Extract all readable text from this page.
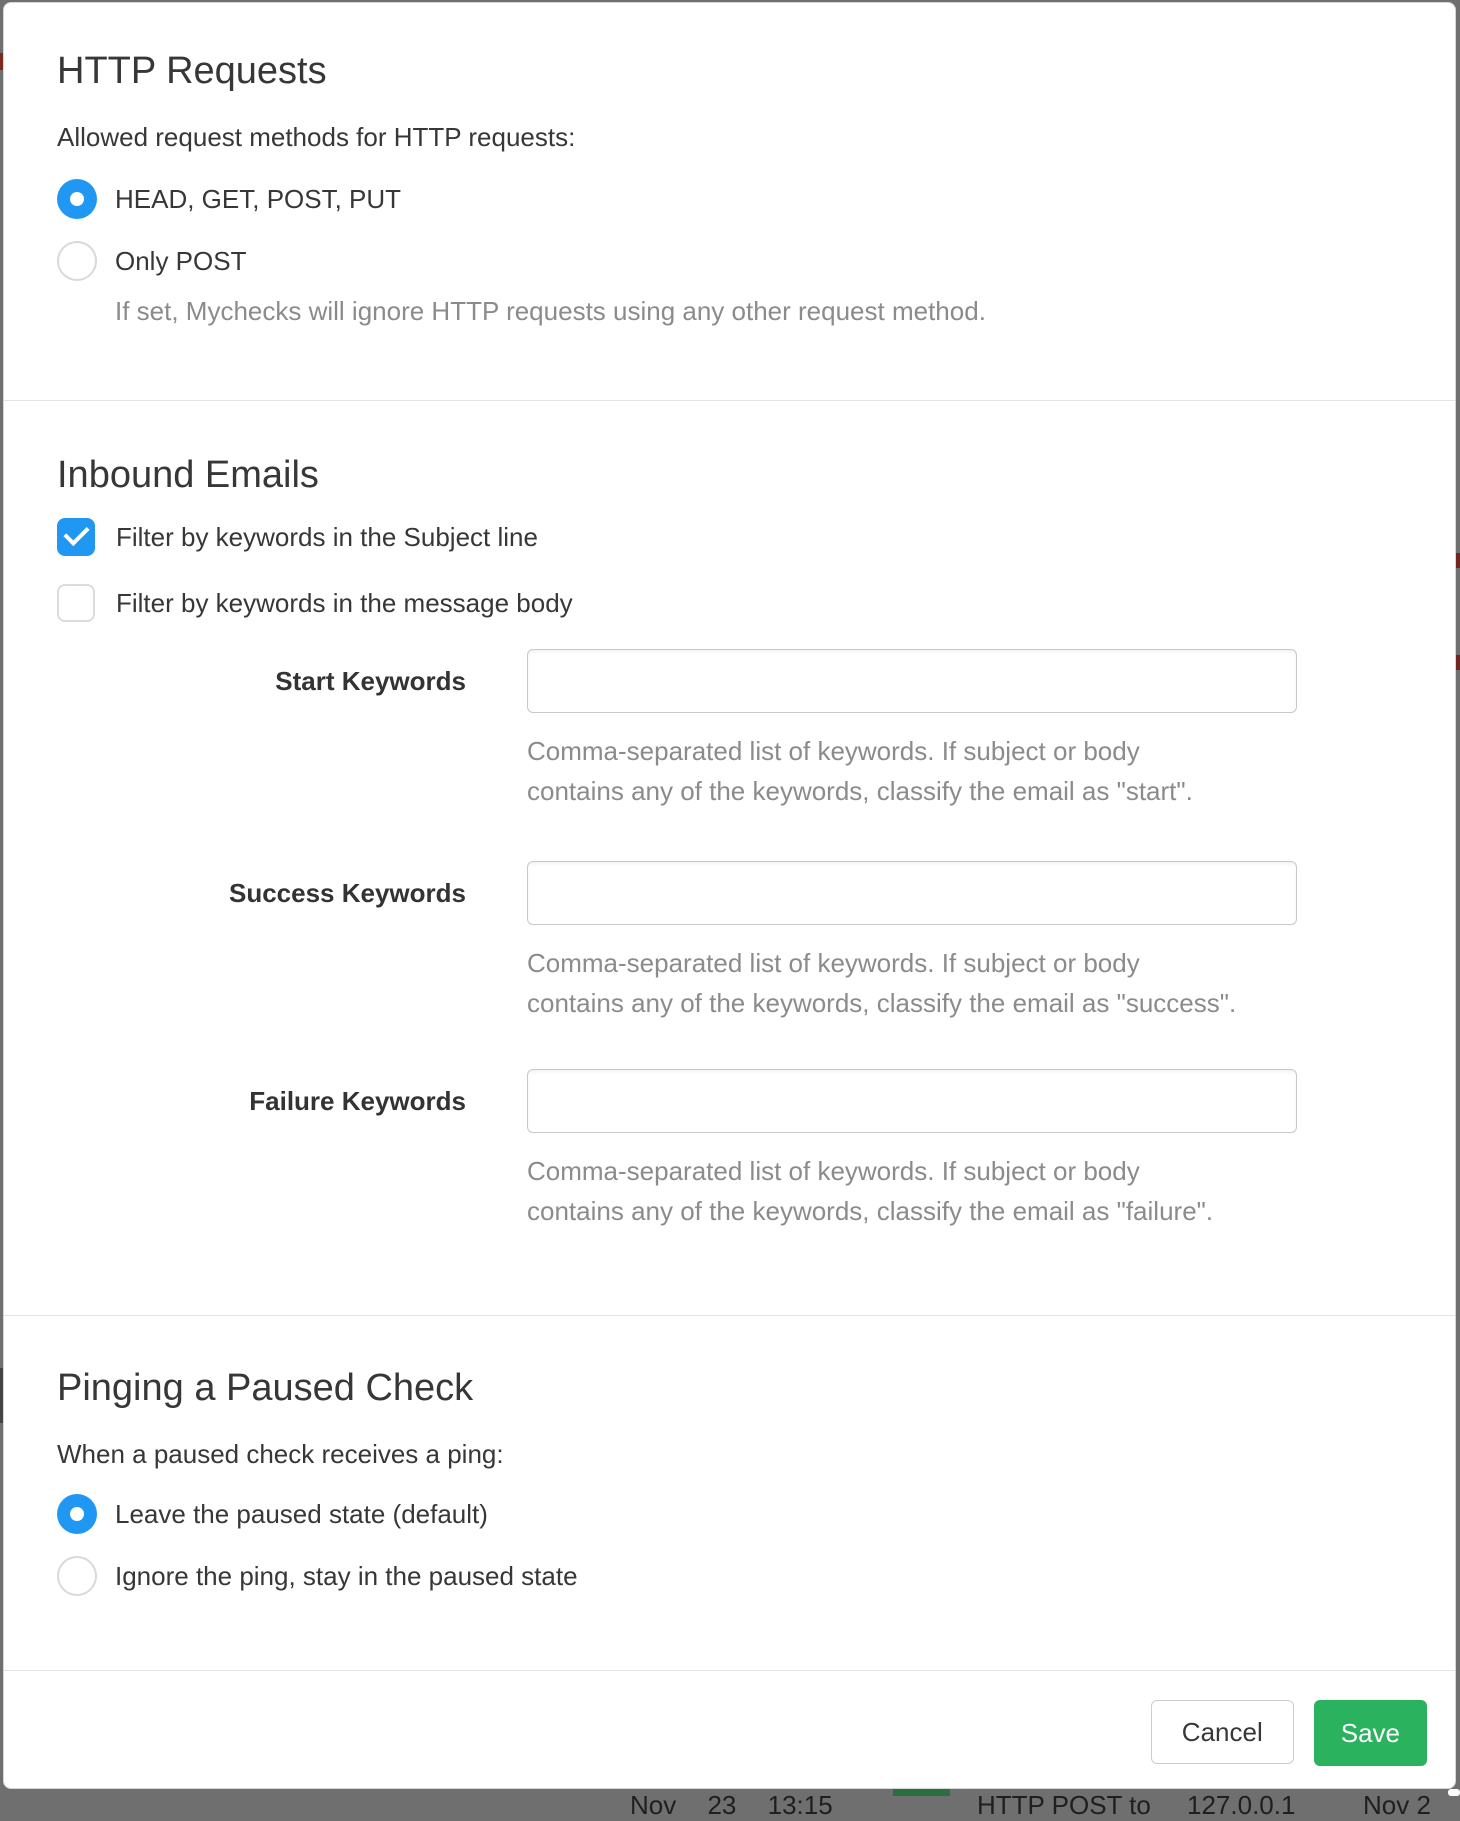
HTTP Requests
Allowed request methods for HTTP requests:
HEAD, GET, POST, PUT
Only POST
If set, Mychecks will ignore HTTP requests using any other request method.
Inbound Emails
Filter by keywords in the Subject line
Filter by keywords in the message body
Start Keywords
Comma-separated list of keywords. If subject or body
contains any of the keywords, classify the email as "start".
Success Keywords
Comma-separated list of keywords. If subject or body
contains any of the keywords, classify the email as "success".
Failure Keywords
Comma-separated list of keywords. If subject or body
contains any of the keywords, classify the email as "failure".
Pinging a Paused Check
When a paused check receives a ping:
Leave the paused state (default)
Ignore the ping, stay in the paused state
Cancel	Save
Nov 23 13:15	HTTP POST to 127.0.0.1	Nov 2
